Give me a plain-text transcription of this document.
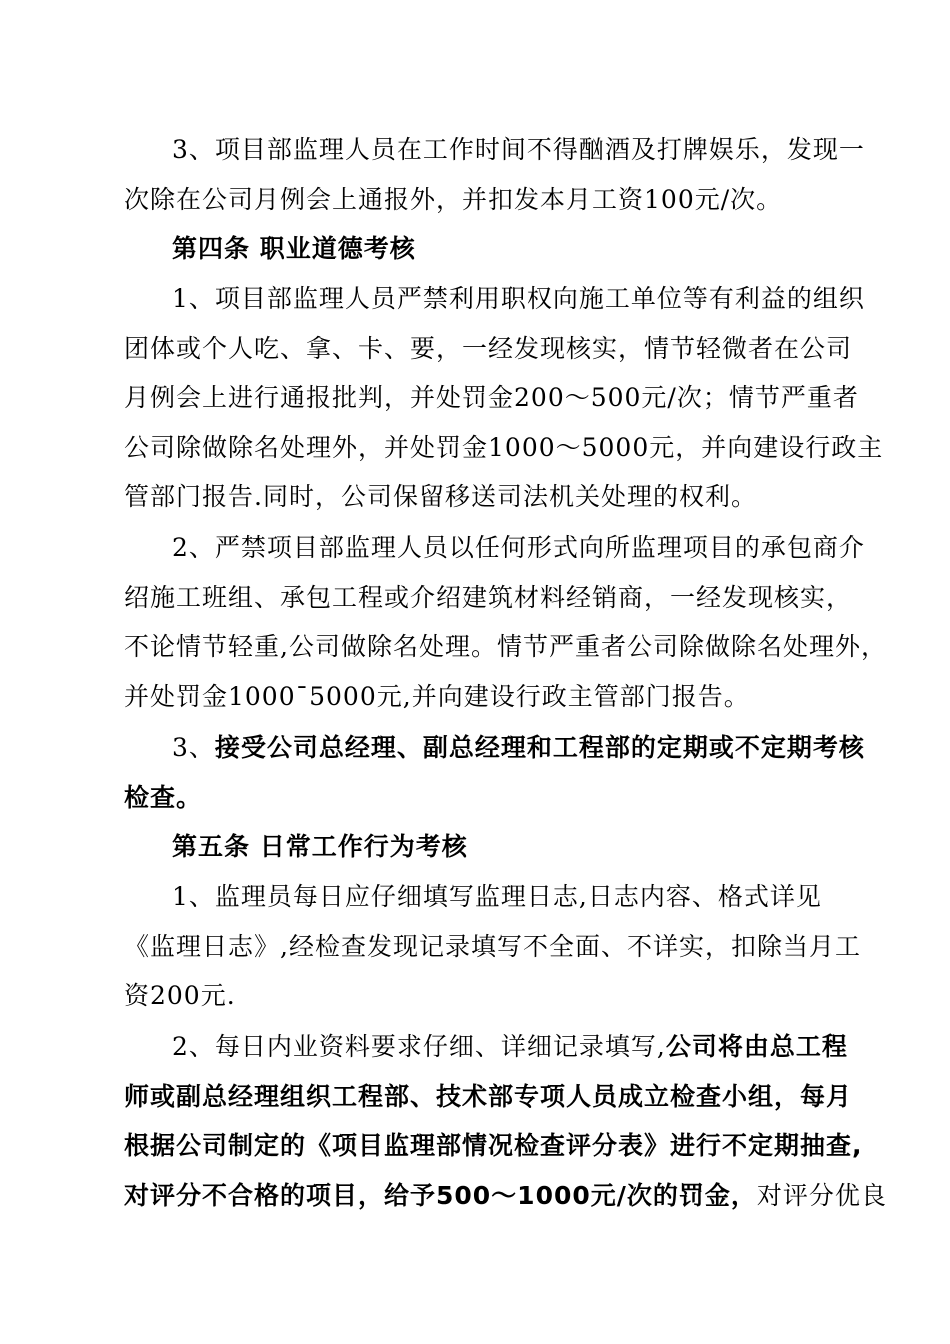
3、项目部监理人员在工作时间不得酗酒及打牌娱乐，发现一
次除在公司月例会上通报外，并扣发本月工资100元/次。
第四条 职业道德考核
1、项目部监理人员严禁利用职权向施工单位等有利益的组织
团体或个人吃、拿、卡、要，一经发现核实，情节轻微者在公司
月例会上进行通报批判，并处罚金200～500元/次；情节严重者
公司除做除名处理外，并处罚金1000～5000元，并向建设行政主
管部门报告.同时，公司保留移送司法机关处理的权利。
2、严禁项目部监理人员以任何形式向所监理项目的承包商介
绍施工班组、承包工程或介绍建筑材料经销商，一经发现核实，
不论情节轻重,公司做除名处理。情节严重者公司除做除名处理外，
并处罚金1000¯5000元,并向建设行政主管部门报告。
3、接受公司总经理、副总经理和工程部的定期或不定期考核
检查。
第五条 日常工作行为考核
1、监理员每日应仔细填写监理日志,日志内容、格式详见
《监理日志》,经检查发现记录填写不全面、不详实，扣除当月工
资200元.
2、每日内业资料要求仔细、详细记录填写,公司将由总工程
师或副总经理组织工程部、技术部专项人员成立检查小组，每月
根据公司制定的《项目监理部情况检查评分表》进行不定期抽查,
对评分不合格的项目，给予500～1000元/次的罚金，对评分优良
